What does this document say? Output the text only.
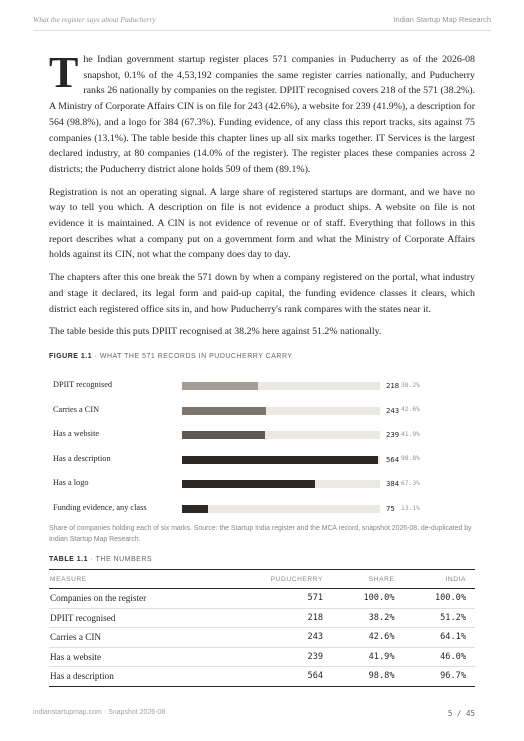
What the register says about Puducherry	Indian Startup Map Research

The Indian government startup register places 571 companies in Puducherry as of the 2026-08 snapshot, 0.1% of the 4,53,192 companies the same register carries nationally, and Puducherry ranks 26 nationally by companies on the register. DPIIT recognised covers 218 of the 571 (38.2%). A Ministry of Corporate Affairs CIN is on file for 243 (42.6%), a website for 239 (41.9%), a description for 564 (98.8%), and a logo for 384 (67.3%). Funding evidence, of any class this report tracks, sits against 75 companies (13.1%). The table beside this chapter lines up all six marks together. IT Services is the largest declared industry, at 80 companies (14.0% of the register). The register places these companies across 2 districts; the Puducherry district alone holds 509 of them (89.1%).

Registration is not an operating signal. A large share of registered startups are dormant, and we have no way to tell you which. A description on file is not evidence a product ships. A website on file is not evidence it is maintained. A CIN is not evidence of revenue or of staff. Everything that follows in this report describes what a company put on a government form and what the Ministry of Corporate Affairs holds against its CIN, not what the company does day to day.

The chapters after this one break the 571 down by when a company registered on the portal, what industry and stage it declared, its legal form and paid-up capital, the funding evidence classes it clears, which district each registered office sits in, and how Puducherry's rank compares with the states near it.

The table beside this puts DPIIT recognised at 38.2% here against 51.2% nationally.

FIGURE 1.1 · WHAT THE 571 RECORDS IN PUDUCHERRY CARRY
DPIIT recognised	218 38.2%
Carries a CIN	243 42.6%
Has a website	239 41.9%
Has a description	564 98.8%
Has a logo	384 67.3%
Funding evidence, any class	75 13.1%
Share of companies holding each of six marks. Source: the Startup India register and the MCA record, snapshot 2026-08, de-duplicated by Indian Startup Map Research.
TABLE 1.1 · THE NUMBERS
MEASURE	PUDUCHERRY	SHARE	INDIA
Companies on the register	571	100.0%	100.0%
DPIIT recognised	218	38.2%	51.2%
Carries a CIN	243	42.6%	64.1%
Has a website	239	41.9%	46.0%
Has a description	564	98.8%	96.7%
indianstartupmap.com · Snapshot 2026-08	5 / 45
